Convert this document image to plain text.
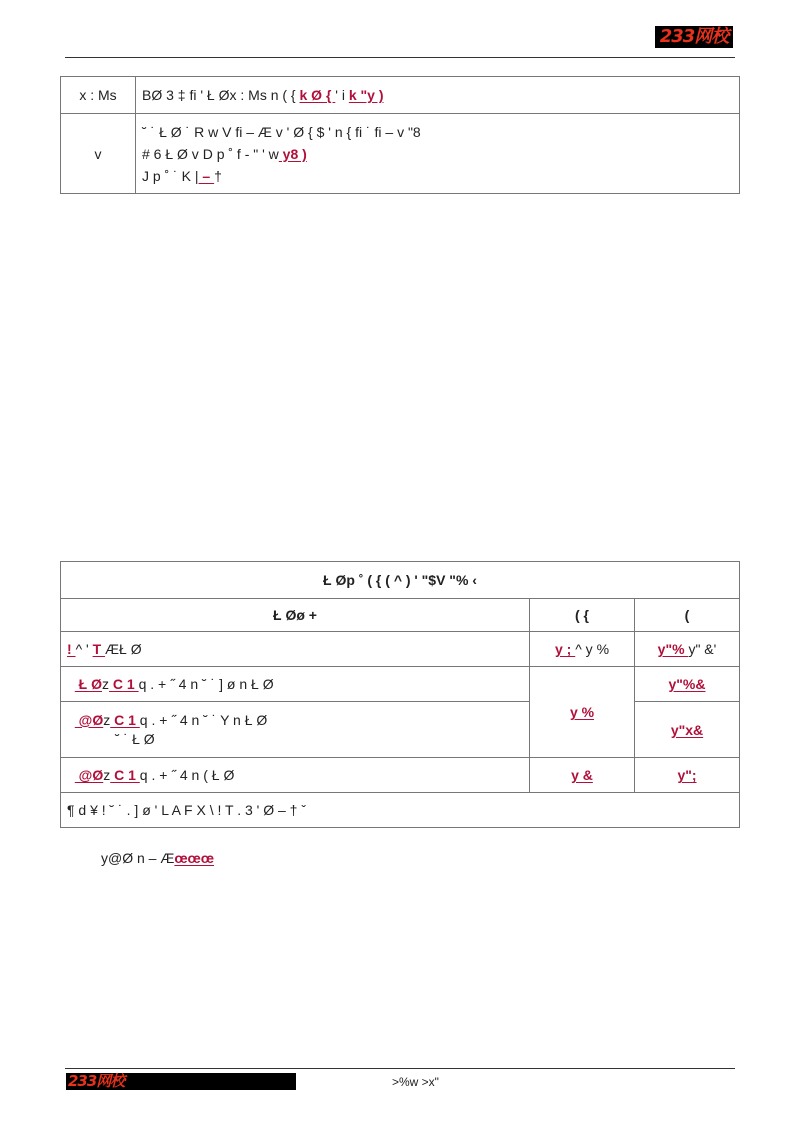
233网校
x : Ms	BØ 3 ‡ fi ' Ł Øx : Ms n ( { k Ø { ' i k "y )
v	˘ ˙ Ł Ø ˙ R w V fi – Æ v ' Ø { $ ' n { fi ˙ fi – v "8
# 6 Ł Ø v D p ˚ f - " ' w y8 )
J p ˚ ˙ K | – †
Ł Øp ˚ ( { ( ^ ) ' "$V "% ‹		
Ł Øø +	( {	(
! ^ ' T ÆŁ Ø	y ; ^ y %	y"% y" &'
Ł Øz C 1 q . + ˝ 4 n ˘ ˙ ] ø n Ł Ø	y %	y"%&

@Øz C 1 q . + ˝ 4 n ˘ ˙ Y n Ł Ø
˘ ˙ Ł Ø		y"x&
@Øz C 1 q . + ˝ 4 n ( Ł Ø	y &	y";
¶ d ¥ ! ˘ ˙ . ] ø ' L A F X \ ! T . 3 ' Ø – † ˇ		
y@Ø n – Æœœœ
233网校	>%w >x"
